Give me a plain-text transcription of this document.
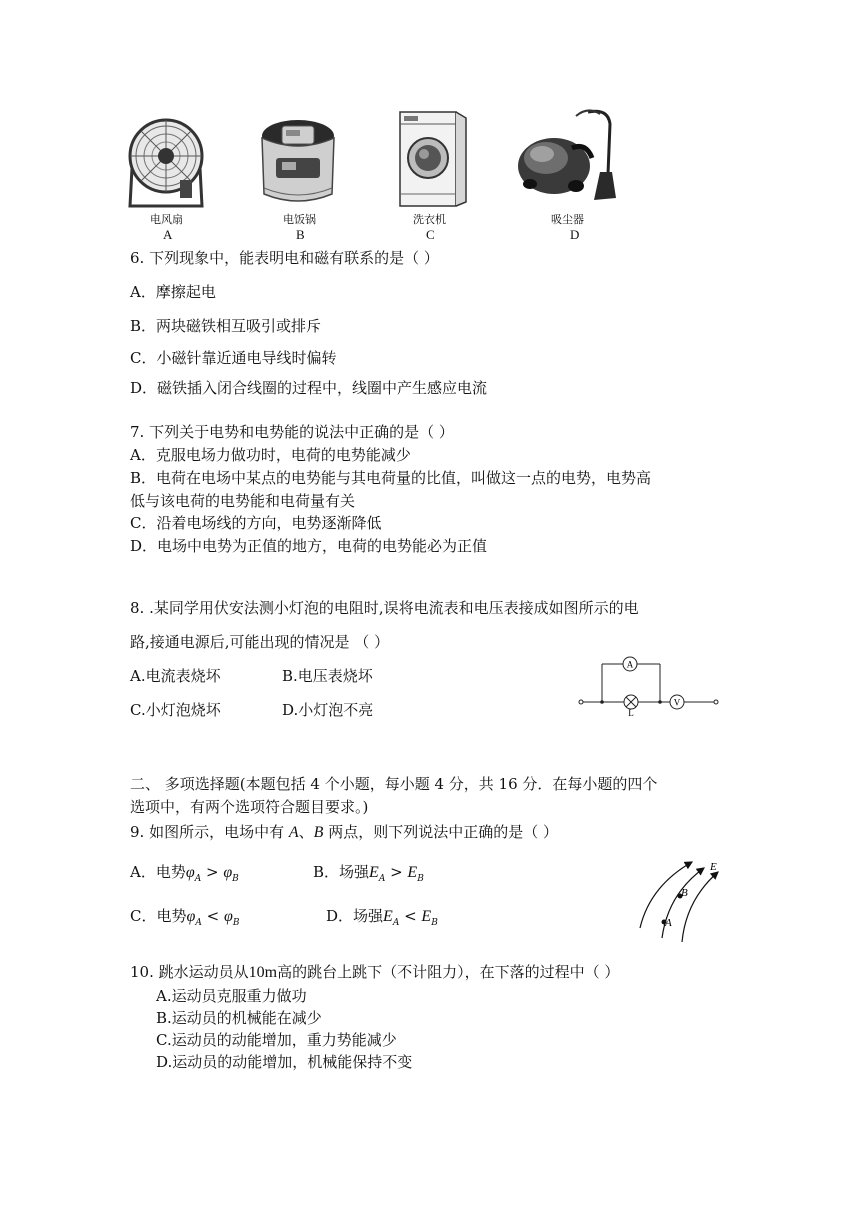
电风扇
A
电饭锅
B
洗衣机
C
吸尘器
D
6. 下列现象中，能表明电和磁有联系的是（ ）
A．摩擦起电
B．两块磁铁相互吸引或排斥
C．小磁针靠近通电导线时偏转
D．磁铁插入闭合线圈的过程中，线圈中产生感应电流
7. 下列关于电势和电势能的说法中正确的是（ ）
A．克服电场力做功时，电荷的电势能减少
B．电荷在电场中某点的电势能与其电荷量的比值，叫做这一点的电势，电势高
低与该电荷的电势能和电荷量有关
C．沿着电场线的方向，电势逐渐降低
D．电场中电势为正值的地方，电荷的电势能必为正值
8. .某同学用伏安法测小灯泡的电阻时,误将电流表和电压表接成如图所示的电
路,接通电源后,可能出现的情况是 （ ）
A.电流表烧坏	B.电压表烧坏
C.小灯泡烧坏	D.小灯泡不亮
A
L
V
二、 多项选择题(本题包括 4 个小题，每小题 4 分，共 16 分．在每小题的四个
选项中，有两个选项符合题目要求。)
9. 如图所示，电场中有 A、B 两点，则下列说法中正确的是（ ）
A．电势$\varphi_A > \varphi_B$	B．场强$E_A > E_B$
C．电势$\varphi_A < \varphi_B$	D．场强$E_A < E_B$
E
B
A
10. 跳水运动员从10m高的跳台上跳下（不计阻力），在下落的过程中（ ）
A.运动员克服重力做功
B.运动员的机械能在减少
C.运动员的动能增加，重力势能减少
D.运动员的动能增加，机械能保持不变
